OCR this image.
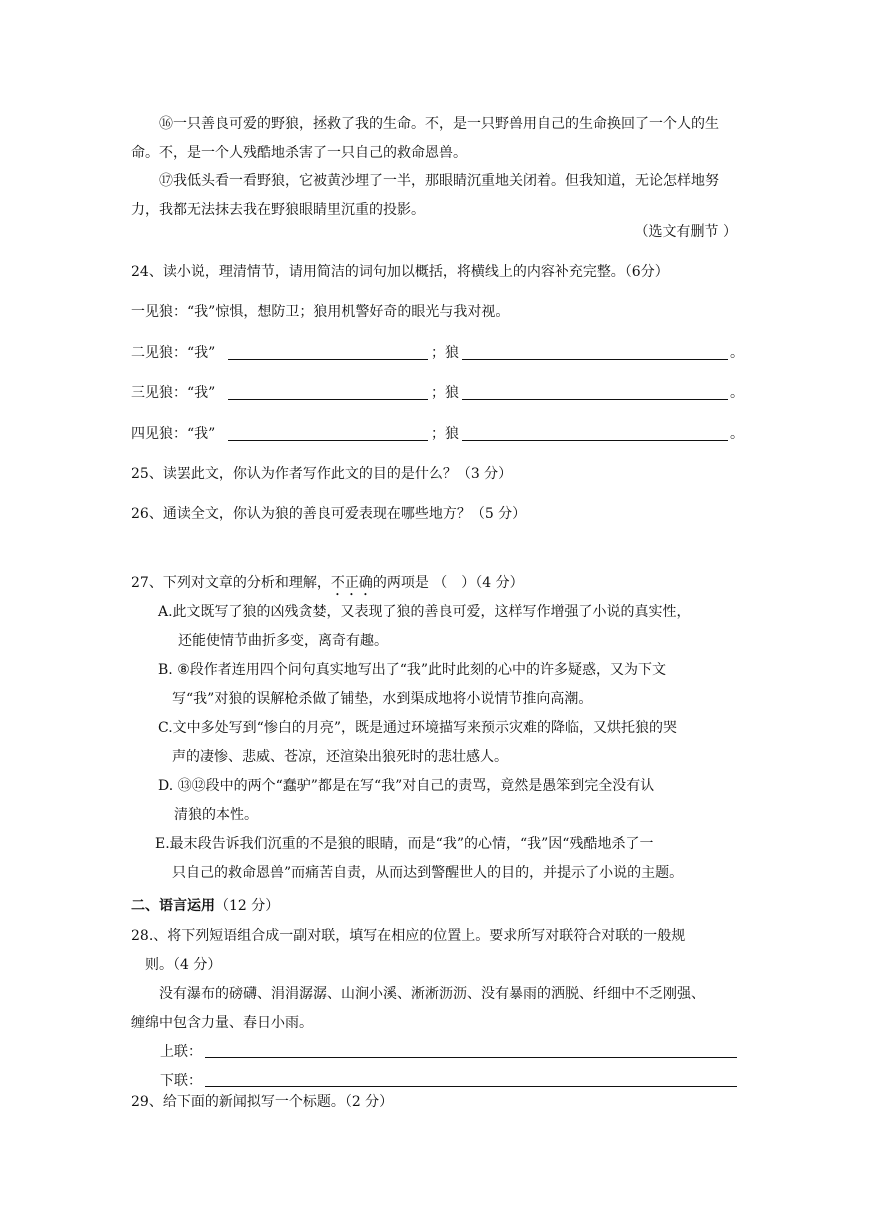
⑯一只善良可爱的野狼，拯救了我的生命。不，是一只野兽用自己的生命换回了一个人的生命。不，是一个人残酷地杀害了一只自己的救命恩兽。
⑰我低头看一看野狼，它被黄沙埋了一半，那眼睛沉重地关闭着。但我知道，无论怎样地努力，我都无法抹去我在野狼眼睛里沉重的投影。
（选文有删节 ）
24、读小说，理清情节，请用简洁的词句加以概括，将横线上的内容补充完整。（6分）
一见狼：“我”惊惧，想防卫；狼用机警好奇的眼光与我对视。
二见狼：“我”	；狼	。
三见狼：“我”	；狼	。
四见狼：“我”	；狼	。
25、读罢此文，你认为作者写作此文的目的是什么？（3 分）
26、通读全文，你认为狼的善良可爱表现在哪些地方？（5 分）
27、下列对文章的分析和理解，不正确的两项是 （　）（4 分）
A.此文既写了狼的凶残贪婪，又表现了狼的善良可爱，这样写作增强了小说的真实性，
还能使情节曲折多变，离奇有趣。
B. ⑧段作者连用四个问句真实地写出了“我”此时此刻的心中的许多疑惑，又为下文
写“我”对狼的误解枪杀做了铺垫，水到渠成地将小说情节推向高潮。
C.文中多处写到“惨白的月亮”，既是通过环境描写来预示灾难的降临，又烘托狼的哭
声的凄惨、悲威、苍凉，还渲染出狼死时的悲壮感人。
D. ⑬⑫段中的两个“蠢驴”都是在写“我”对自己的责骂，竟然是愚笨到完全没有认
清狼的本性。
E.最末段告诉我们沉重的不是狼的眼睛，而是“我”的心情，“我”因“残酷地杀了一
只自己的救命恩兽”而痛苦自责，从而达到警醒世人的目的，并提示了小说的主题。
二、语言运用（12 分）
28.、将下列短语组合成一副对联，填写在相应的位置上。要求所写对联符合对联的一般规
则。（4 分）
没有瀑布的磅礴、涓涓潺潺、山涧小溪、淅淅沥沥、没有暴雨的洒脱、纤细中不乏刚强、
缠绵中包含力量、春日小雨。
上联：
下联：
29、给下面的新闻拟写一个标题。（2 分）
